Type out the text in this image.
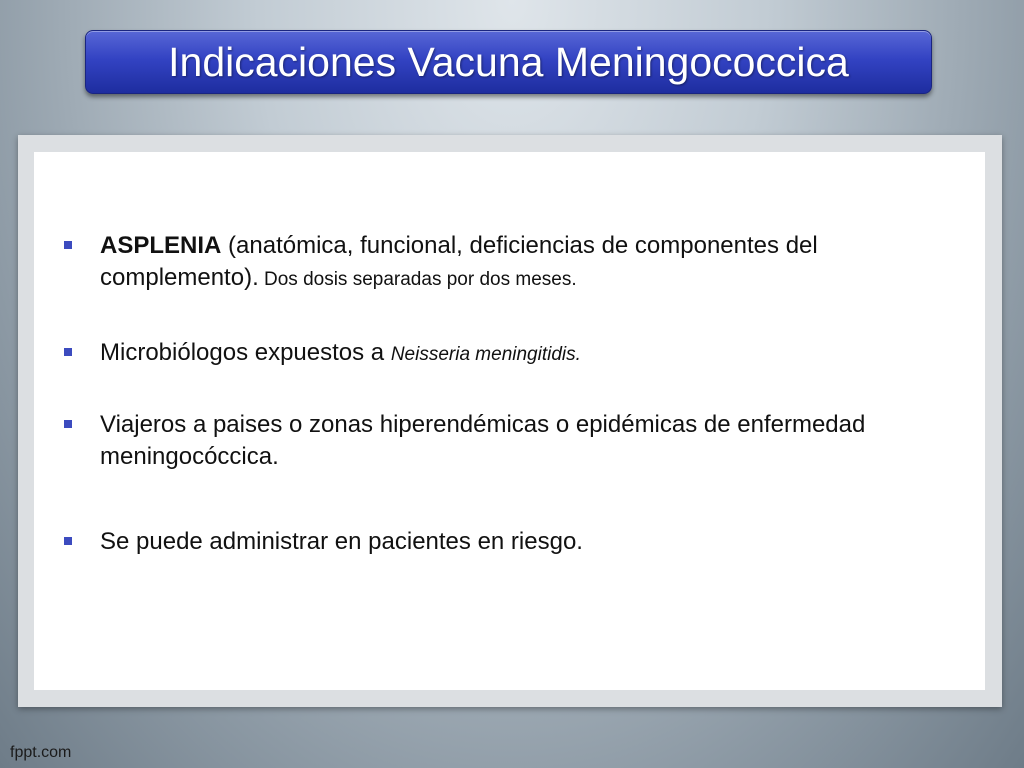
Indicaciones Vacuna Meningococcica
ASPLENIA (anatómica, funcional, deficiencias de componentes del complemento). Dos dosis separadas por dos meses.
Microbiólogos expuestos a Neisseria meningitidis.
Viajeros a paises o zonas hiperendémicas o epidémicas de enfermedad meningocóccica.
Se puede administrar en pacientes en riesgo.
fppt.com
